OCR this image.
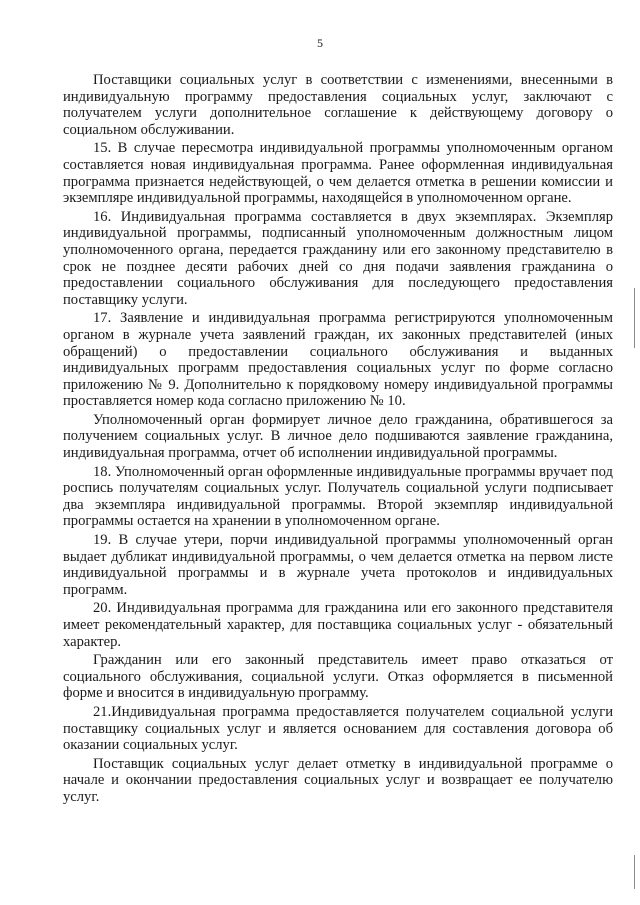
5

Поставщики социальных услуг в соответствии с изменениями, внесенными в индивидуальную программу предоставления социальных услуг, заключают с получателем услуги дополнительное соглашение к действующему договору о социальном обслуживании.

15. В случае пересмотра индивидуальной программы уполномоченным органом составляется новая индивидуальная программа. Ранее оформленная индивидуальная программа признается недействующей, о чем делается отметка в решении комиссии и экземпляре индивидуальной программы, находящейся в уполномоченном органе.

16. Индивидуальная программа составляется в двух экземплярах. Экземпляр индивидуальной программы, подписанный уполномоченным должностным лицом уполномоченного органа, передается гражданину или его законному представителю в срок не позднее десяти рабочих дней со дня подачи заявления гражданина о предоставлении социального обслуживания для последующего предоставления поставщику услуги.

17. Заявление и индивидуальная программа регистрируются уполномоченным органом в журнале учета заявлений граждан, их законных представителей (иных обращений) о предоставлении социального обслуживания и выданных индивидуальных программ предоставления социальных услуг по форме согласно приложению № 9. Дополнительно к порядковому номеру индивидуальной программы проставляется номер кода согласно приложению № 10.

Уполномоченный орган формирует личное дело гражданина, обратившегося за получением социальных услуг. В личное дело подшиваются заявление гражданина, индивидуальная программа, отчет об исполнении индивидуальной программы.

18. Уполномоченный орган оформленные индивидуальные программы вручает под роспись получателям социальных услуг. Получатель социальной услуги подписывает два экземпляра индивидуальной программы. Второй экземпляр индивидуальной программы остается на хранении в уполномоченном органе.

19. В случае утери, порчи индивидуальной программы уполномоченный орган выдает дубликат индивидуальной программы, о чем делается отметка на первом листе индивидуальной программы и в журнале учета протоколов и индивидуальных программ.

20. Индивидуальная программа для гражданина или его законного представителя имеет рекомендательный характер, для поставщика социальных услуг - обязательный характер.

Гражданин или его законный представитель имеет право отказаться от социального обслуживания, социальной услуги. Отказ оформляется в письменной форме и вносится в индивидуальную программу.

21.Индивидуальная программа предоставляется получателем социальной услуги поставщику социальных услуг и является основанием для составления договора об оказании социальных услуг.

Поставщик социальных услуг делает отметку в индивидуальной программе о начале и окончании предоставления социальных услуг и возвращает ее получателю услуг.
